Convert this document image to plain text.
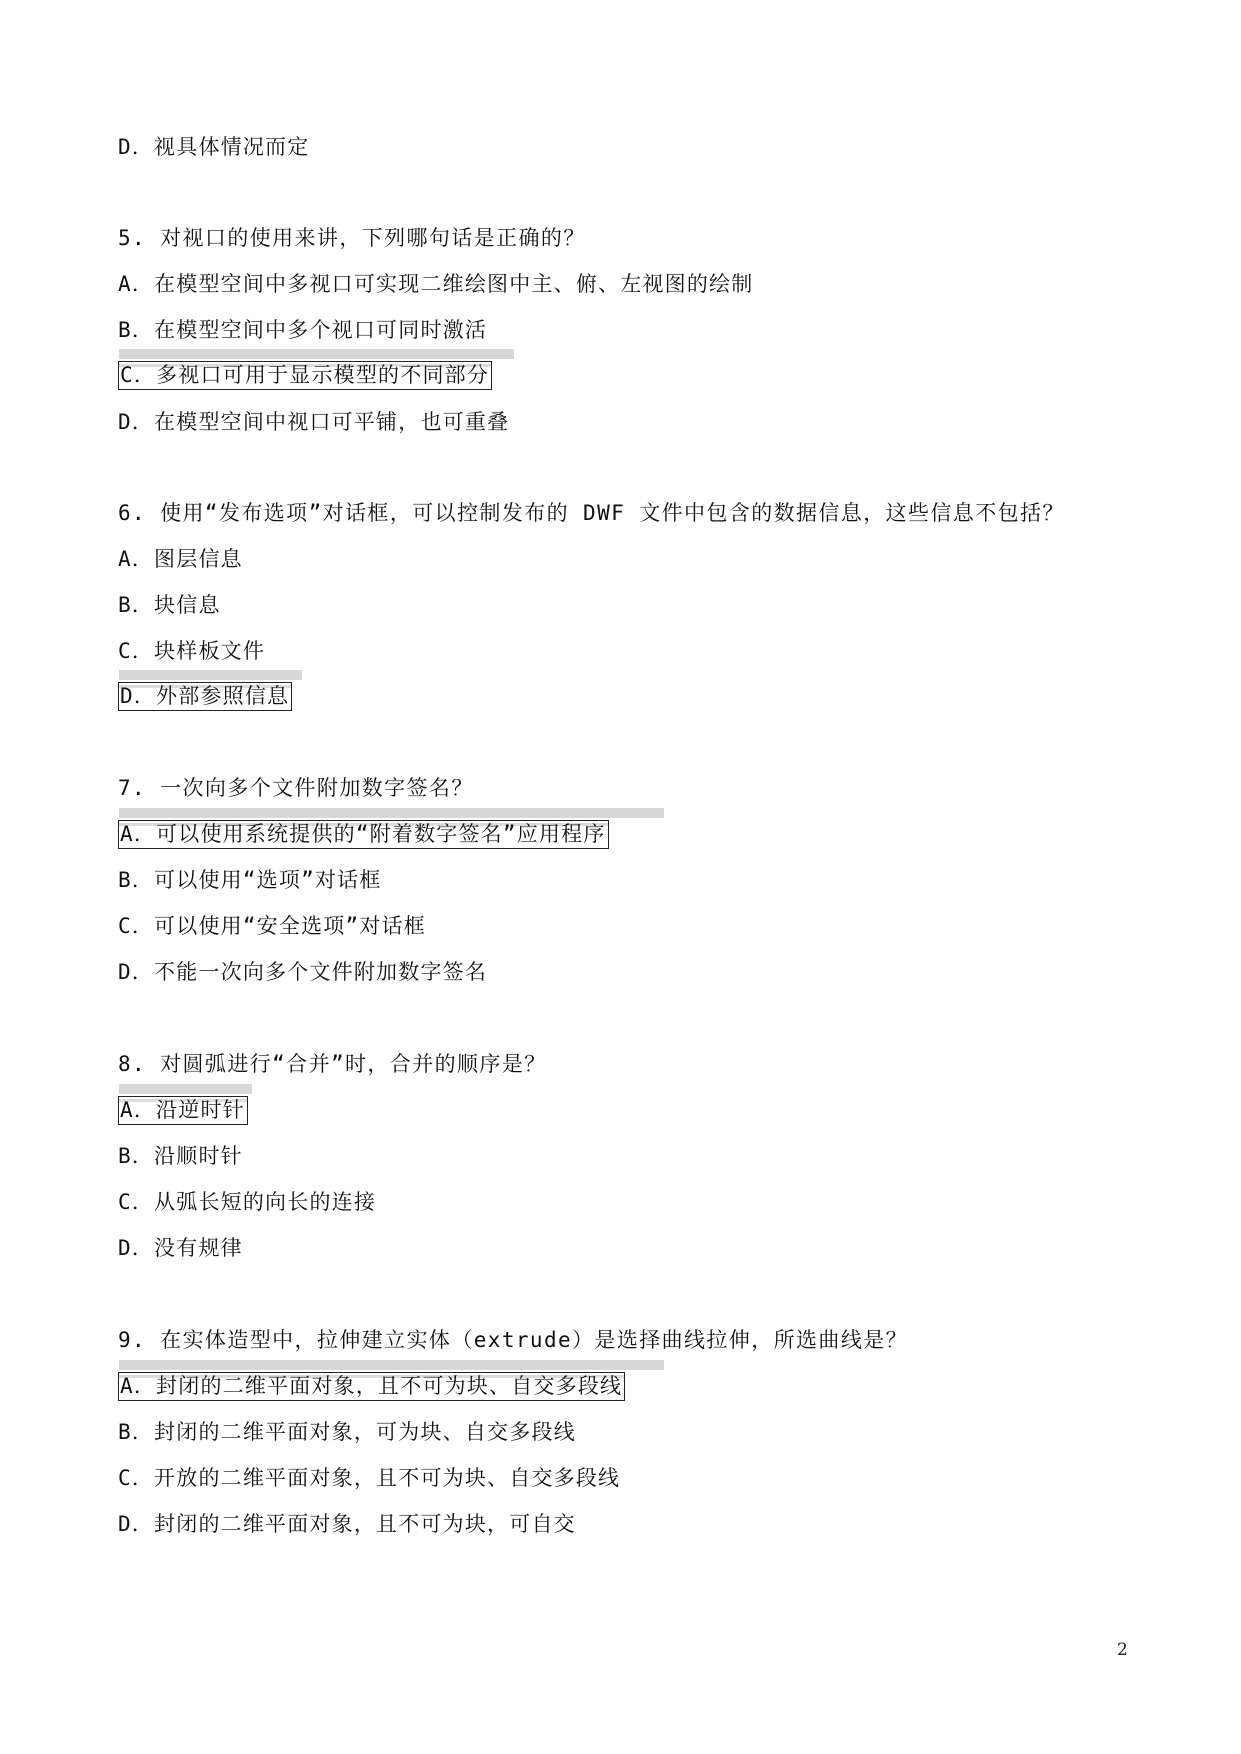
D．视具体情况而定
5. 对视口的使用来讲，下列哪句话是正确的？
A．在模型空间中多视口可实现二维绘图中主、俯、左视图的绘制
B．在模型空间中多个视口可同时激活
C．多视口可用于显示模型的不同部分
D．在模型空间中视口可平铺，也可重叠
6. 使用“发布选项”对话框，可以控制发布的 DWF 文件中包含的数据信息，这些信息不包括？
A．图层信息
B．块信息
C．块样板文件
D．外部参照信息
7. 一次向多个文件附加数字签名？
A．可以使用系统提供的“附着数字签名”应用程序
B．可以使用“选项”对话框
C．可以使用“安全选项”对话框
D．不能一次向多个文件附加数字签名
8. 对圆弧进行“合并”时，合并的顺序是？
A．沿逆时针
B．沿顺时针
C．从弧长短的向长的连接
D．没有规律
9. 在实体造型中，拉伸建立实体（extrude）是选择曲线拉伸，所选曲线是？
A．封闭的二维平面对象，且不可为块、自交多段线
B．封闭的二维平面对象，可为块、自交多段线
C．开放的二维平面对象，且不可为块、自交多段线
D．封闭的二维平面对象，且不可为块，可自交
2
